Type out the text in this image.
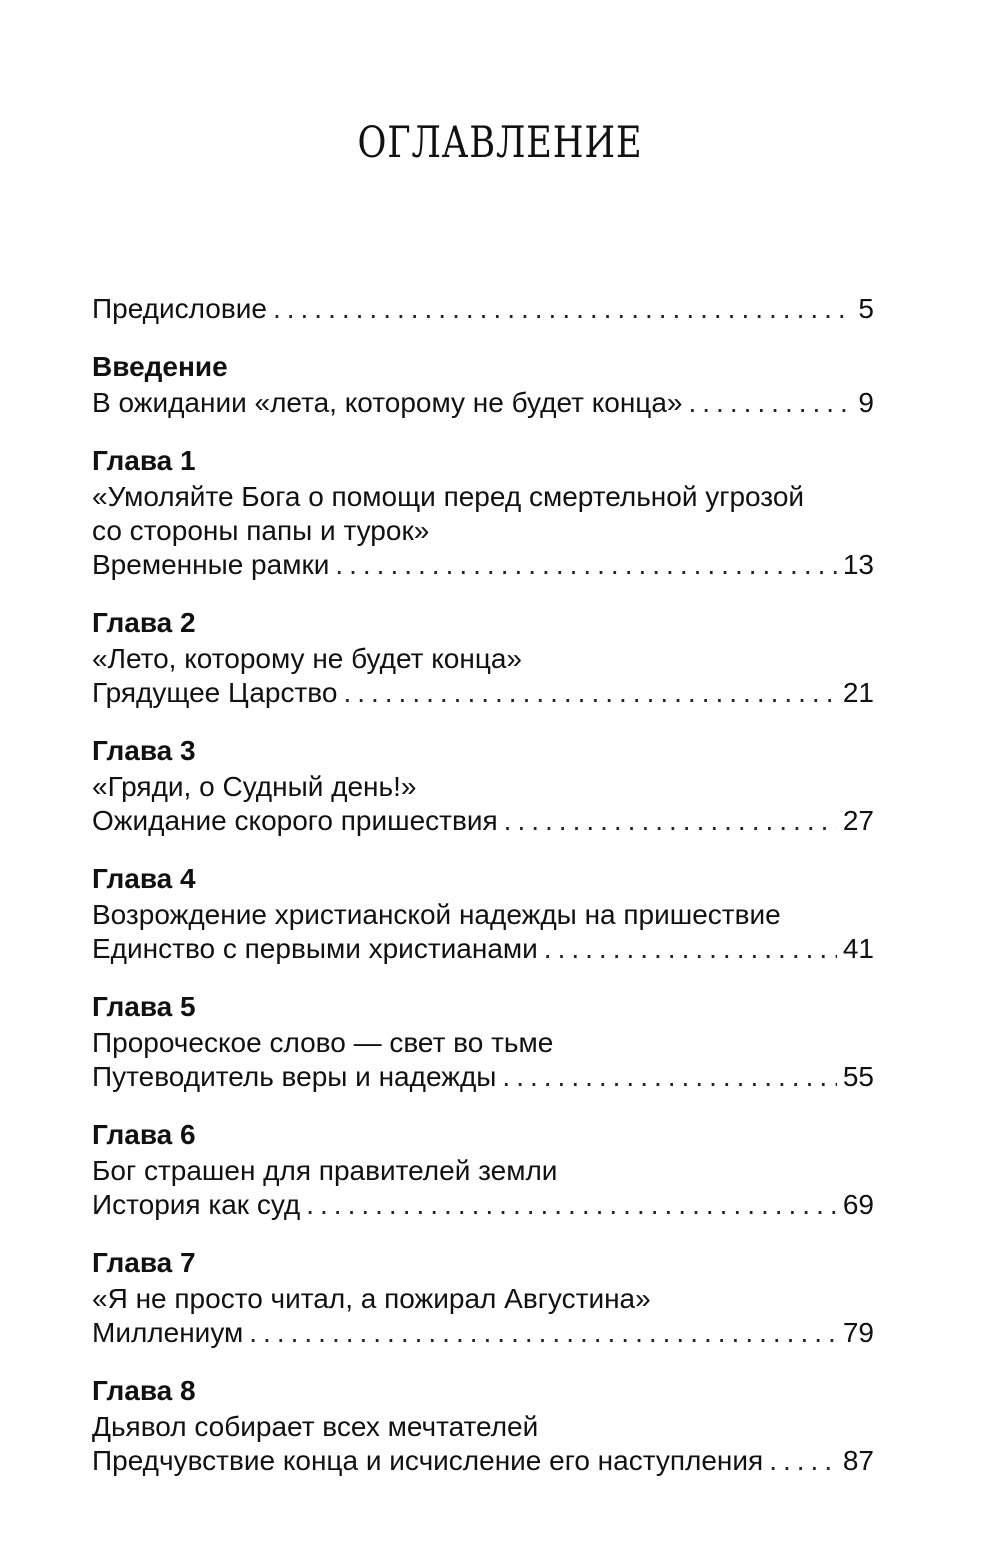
ОГЛАВЛЕНИЕ
Предисловие .....	5
Введение
В ожидании «лета, которому не будет конца» .....	9
Глава 1
«Умоляйте Бога о помощи перед смертельной угрозой
со стороны папы и турок»
Временные рамки .....	13
Глава 2
«Лето, которому не будет конца»
Грядущее Царство .....	21
Глава 3
«Гряди, о Судный день!»
Ожидание скорого пришествия .....	27
Глава 4
Возрождение христианской надежды на пришествие
Единство с первыми христианами .....	41
Глава 5
Пророческое слово — свет во тьме
Путеводитель веры и надежды .....	55
Глава 6
Бог страшен для правителей земли
История как суд .....	69
Глава 7
«Я не просто читал, а пожирал Августина»
Миллениум .....	79
Глава 8
Дьявол собирает всех мечтателей
Предчувствие конца и исчисление его наступления .....	87
